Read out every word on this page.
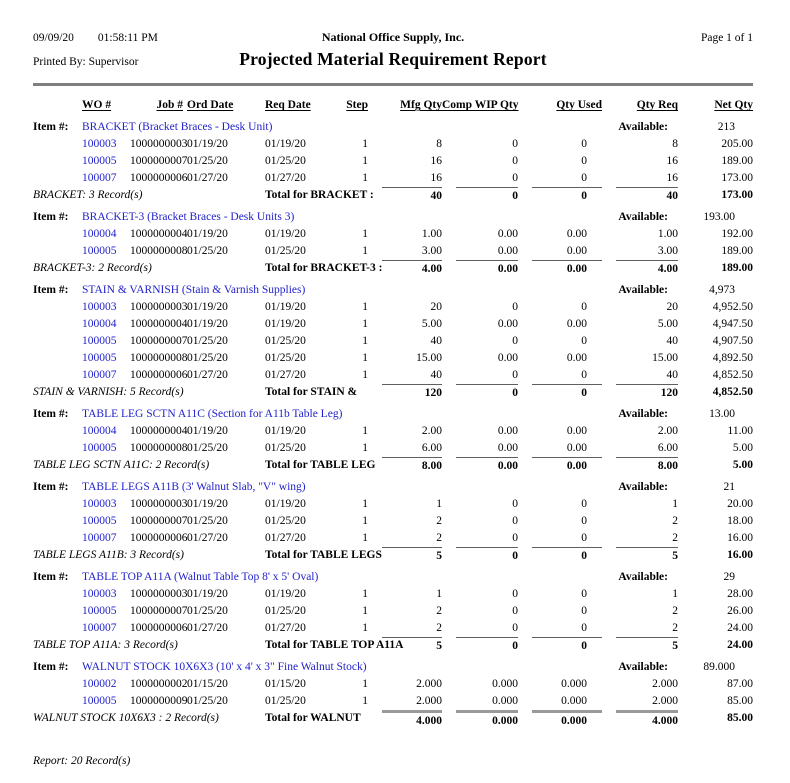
09/09/20 01:58:11 PM	National Office Supply, Inc.	Page 1 of 1
Printed By: Supervisor	Projected Material Requirement Report
WO #	Job # Ord Date	Req Date	Step	Mfg Qty Comp WIP Qty	Qty Used	Qty Req	Net Qty
Item #:	BRACKET (Bracket Braces - Desk Unit)	Available:	213
100003	1000000003 01/19/20	01/19/20	1	8	0	0	8	205.00
100005	1000000007 01/25/20	01/25/20	1	16	0	0	16	189.00
100007	1000000006 01/27/20	01/27/20	1	16	0	0	16	173.00
BRACKET: 3 Record(s)	Total for BRACKET :	40	0	0	40	173.00
Item #:	BRACKET-3 (Bracket Braces - Desk Units 3)	Available:	193.00
100004	1000000004 01/19/20	01/19/20	1	1.00	0.00	0.00	1.00	192.00
100005	1000000008 01/25/20	01/25/20	1	3.00	0.00	0.00	3.00	189.00
BRACKET-3: 2 Record(s)	Total for BRACKET-3 :	4.00	0.00	0.00	4.00	189.00
Item #:	STAIN & VARNISH (Stain & Varnish Supplies)	Available:	4,973
100003	1000000003 01/19/20	01/19/20	1	20	0	0	20	4,952.50
100004	1000000004 01/19/20	01/19/20	1	5.00	0.00	0.00	5.00	4,947.50
100005	1000000007 01/25/20	01/25/20	1	40	0	0	40	4,907.50
100005	1000000008 01/25/20	01/25/20	1	15.00	0.00	0.00	15.00	4,892.50
100007	1000000006 01/27/20	01/27/20	1	40	0	0	40	4,852.50
STAIN & VARNISH: 5 Record(s)	Total for STAIN &	120	0	0	120	4,852.50
Item #:	TABLE LEG SCTN A11C (Section for A11b Table Leg)	Available:	13.00
100004	1000000004 01/19/20	01/19/20	1	2.00	0.00	0.00	2.00	11.00
100005	1000000008 01/25/20	01/25/20	1	6.00	0.00	0.00	6.00	5.00
TABLE LEG SCTN A11C: 2 Record(s)	Total for TABLE LEG	8.00	0.00	0.00	8.00	5.00
Item #:	TABLE LEGS A11B (3' Walnut Slab, "V" wing)	Available:	21
100003	1000000003 01/19/20	01/19/20	1	1	0	0	1	20.00
100005	1000000007 01/25/20	01/25/20	1	2	0	0	2	18.00
100007	1000000006 01/27/20	01/27/20	1	2	0	0	2	16.00
TABLE LEGS A11B: 3 Record(s)	Total for TABLE LEGS	5	0	0	5	16.00
Item #:	TABLE TOP A11A (Walnut Table Top 8' x 5' Oval)	Available:	29
100003	1000000003 01/19/20	01/19/20	1	1	0	0	1	28.00
100005	1000000007 01/25/20	01/25/20	1	2	0	0	2	26.00
100007	1000000006 01/27/20	01/27/20	1	2	0	0	2	24.00
TABLE TOP A11A: 3 Record(s)	Total for TABLE TOP A11A	5	0	0	5	24.00
Item #:	WALNUT STOCK 10X6X3 (10' x 4' x 3" Fine Walnut Stock)	Available:	89.000
100002	1000000002 01/15/20	01/15/20	1	2.000	0.000	0.000	2.000	87.00
100005	1000000009 01/25/20	01/25/20	1	2.000	0.000	0.000	2.000	85.00
WALNUT STOCK 10X6X3 : 2 Record(s)	Total for WALNUT	4.000	0.000	0.000	4.000	85.00
Report: 20 Record(s)
